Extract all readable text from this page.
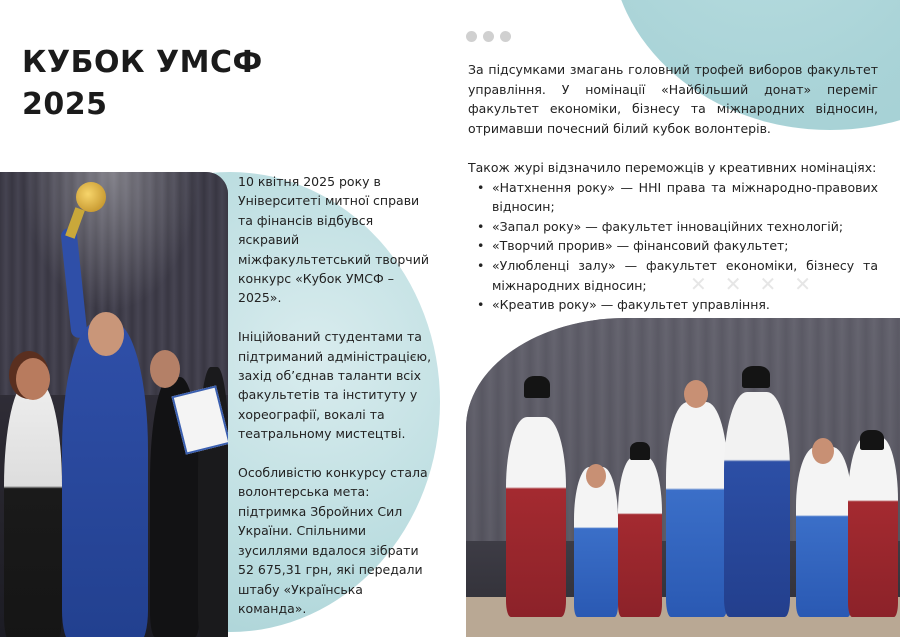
КУБОК УМСФ 2025

10 квітня 2025 року в Університеті митної справи та фінансів відбувся яскравий міжфакультетський творчий конкурс «Кубок УМСФ – 2025».

Ініційований студентами та підтриманий адміністрацією, захід об’єднав таланти всіх факультетів та інституту у хореографії, вокалі та театральному мистецтві.

Особливістю конкурсу стала волонтерська мета: підтримка Збройних Сил України. Спільними зусиллями вдалося зібрати 52 675,31 грн, які передали штабу «Українська команда».

За підсумками змагань головний трофей виборов факультет управління. У номінації «Найбільший донат» переміг факультет економіки, бізнесу та міжнародних відносин, отримавши почесний білий кубок волонтерів.

Також журі відзначило переможців у креативних номінаціях:

• «Натхнення року» — ННІ права та міжнародно-правових відносин;
• «Запал року» — факультет інноваційних технологій;
• «Творчий прорив» — фінансовий факультет;
• «Улюбленці залу» — факультет економіки, бізнесу та міжнародних відносин;
• «Креатив року» — факультет управління.
✕ ✕ ✕ ✕
